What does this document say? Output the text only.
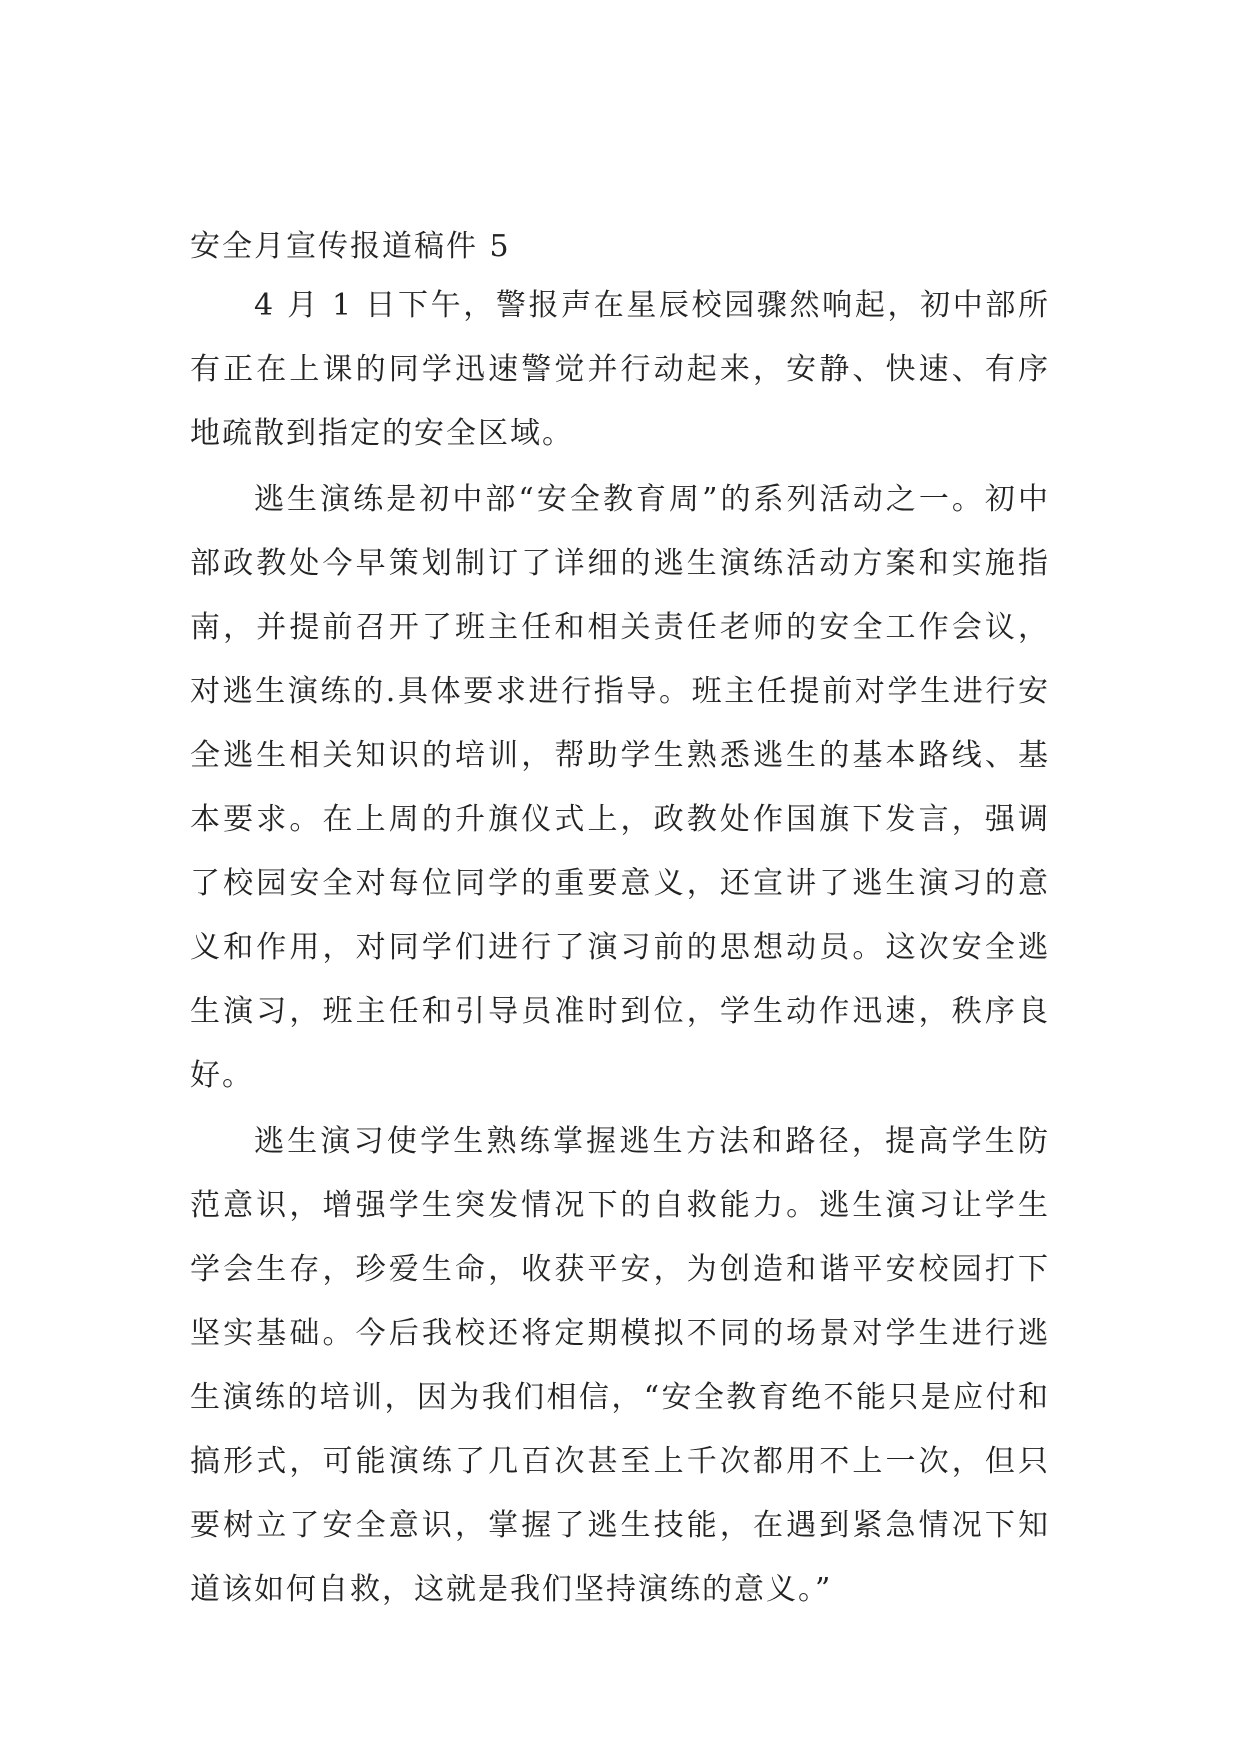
安全月宣传报道稿件 5

4 月 1 日下午，警报声在星辰校园骤然响起，初中部所有正在上课的同学迅速警觉并行动起来，安静、快速、有序地疏散到指定的安全区域。

逃生演练是初中部“安全教育周”的系列活动之一。初中部政教处今早策划制订了详细的逃生演练活动方案和实施指南，并提前召开了班主任和相关责任老师的安全工作会议，对逃生演练的.具体要求进行指导。班主任提前对学生进行安全逃生相关知识的培训，帮助学生熟悉逃生的基本路线、基本要求。在上周的升旗仪式上，政教处作国旗下发言，强调了校园安全对每位同学的重要意义，还宣讲了逃生演习的意义和作用，对同学们进行了演习前的思想动员。这次安全逃生演习，班主任和引导员准时到位，学生动作迅速，秩序良好。

逃生演习使学生熟练掌握逃生方法和路径，提高学生防范意识，增强学生突发情况下的自救能力。逃生演习让学生学会生存，珍爱生命，收获平安，为创造和谐平安校园打下坚实基础。今后我校还将定期模拟不同的场景对学生进行逃生演练的培训，因为我们相信，“安全教育绝不能只是应付和搞形式，可能演练了几百次甚至上千次都用不上一次，但只要树立了安全意识，掌握了逃生技能，在遇到紧急情况下知道该如何自救，这就是我们坚持演练的意义。”
